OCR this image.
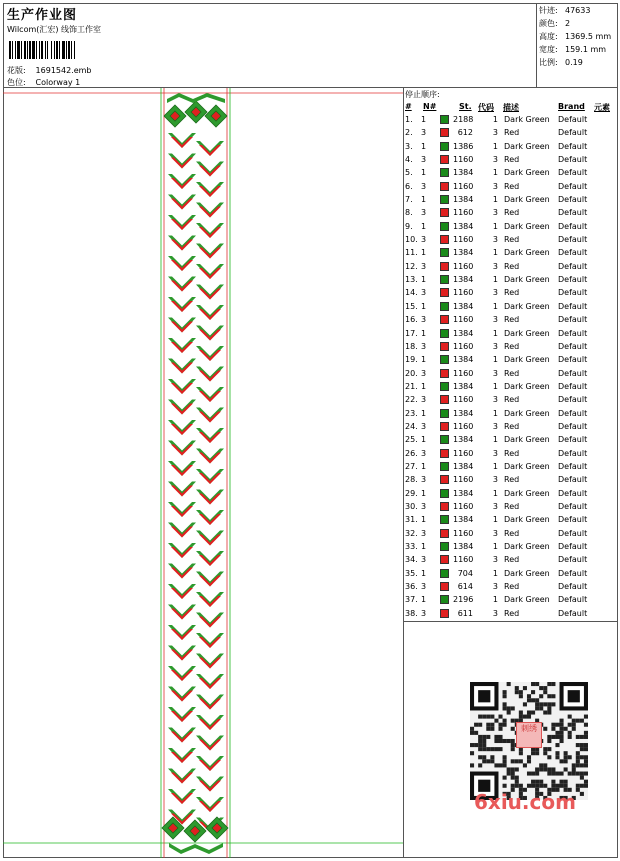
生产作业图
Wilcom(汇宏) 线饰工作室
花版: 1691542.emb
色位: Colorway 1
针迹: 47633
颜色: 2
高度: 1369.5 mm
宽度: 159.1 mm
比例: 0.19
停止顺序:
# N#	St. 代码 描述	Brand 元素
1. 1	2188 1 Dark Green Default
2. 3	612 3 Red	Default
3. 1	1386 1 Dark Green Default
4. 3	1160 3 Red	Default
5. 1	1384 1 Dark Green Default
6. 3	1160 3 Red	Default
7. 1	1384 1 Dark Green Default
8. 3	1160 3 Red	Default
9. 1	1384 1 Dark Green Default
10. 3	1160 3 Red	Default
11. 1	1384 1 Dark Green Default
12. 3	1160 3 Red	Default
13. 1	1384 1 Dark Green Default
14. 3	1160 3 Red	Default
15. 1	1384 1 Dark Green Default
16. 3	1160 3 Red	Default
17. 1	1384 1 Dark Green Default
18. 3	1160 3 Red	Default
19. 1	1384 1 Dark Green Default
20. 3	1160 3 Red	Default
21. 1	1384 1 Dark Green Default
22. 3	1160 3 Red	Default
23. 1	1384 1 Dark Green Default
24. 3	1160 3 Red	Default
25. 1	1384 1 Dark Green Default
26. 3	1160 3 Red	Default
27. 1	1384 1 Dark Green Default
28. 3	1160 3 Red	Default
29. 1	1384 1 Dark Green Default
30. 3	1160 3 Red	Default
31. 1	1384 1 Dark Green Default
32. 3	1160 3 Red	Default
33. 1	1384 1 Dark Green Default
34. 3	1160 3 Red	Default
35. 1	704 1 Dark Green Default
36. 3	614 3 Red	Default
37. 1	2196 1 Dark Green Default
38. 3	611 3 Red	Default
刺绣
6xiu.com
